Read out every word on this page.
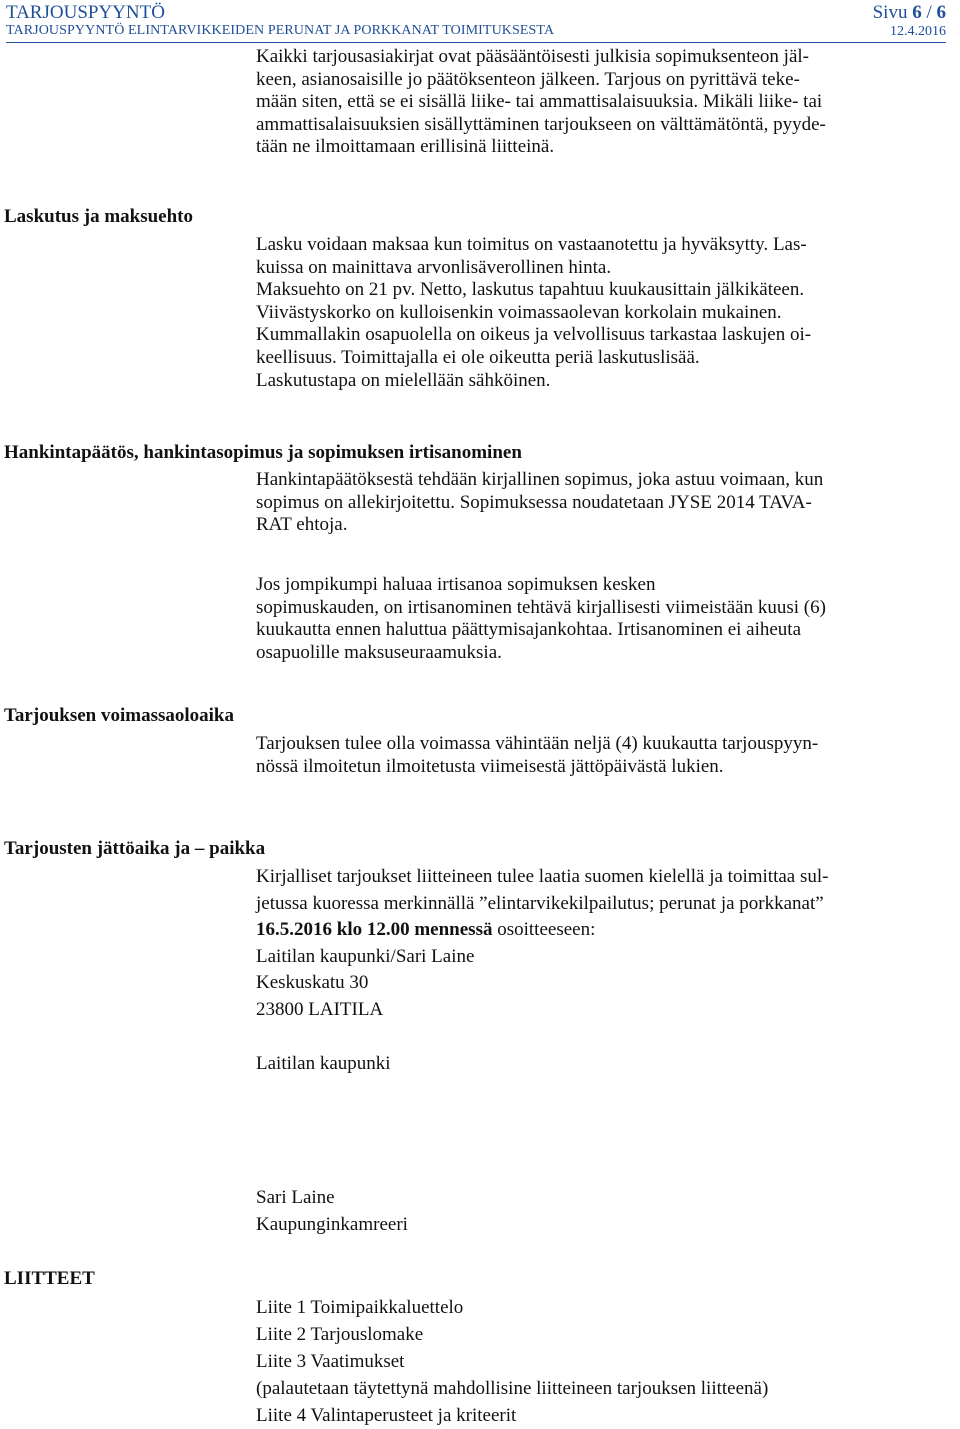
TARJOUSPYYNTÖ	Sivu 6 / 6
TARJOUSPYYNTÖ ELINTARVIKKEIDEN PERUNAT JA PORKKANAT TOIMITUKSESTA	12.4.2016
Kaikki tarjousasiakirjat ovat pääsääntöisesti julkisia sopimuksenteon jäl-
keen, asianosaisille jo päätöksenteon jälkeen. Tarjous on pyrittävä teke-
mään siten, että se ei sisällä liike- tai ammattisalaisuuksia. Mikäli liike- tai
ammattisalaisuuksien sisällyttäminen tarjoukseen on välttämätöntä, pyyde-
tään ne ilmoittamaan erillisinä liitteinä.
Laskutus ja maksuehto
Lasku voidaan maksaa kun toimitus on vastaanotettu ja hyväksytty. Las-
kuissa on mainittava arvonlisäverollinen hinta.
Maksuehto on 21 pv. Netto, laskutus tapahtuu kuukausittain jälkikäteen.
Viivästyskorko on kulloisenkin voimassaolevan korkolain mukainen.
Kummallakin osapuolella on oikeus ja velvollisuus tarkastaa laskujen oi-
keellisuus. Toimittajalla ei ole oikeutta periä laskutuslisää.
Laskutustapa on mielellään sähköinen.
Hankintapäätös, hankintasopimus ja sopimuksen irtisanominen
Hankintapäätöksestä tehdään kirjallinen sopimus, joka astuu voimaan, kun
sopimus on allekirjoitettu. Sopimuksessa noudatetaan JYSE 2014 TAVA-
RAT ehtoja.
Jos jompikumpi haluaa irtisanoa sopimuksen kesken
sopimuskauden, on irtisanominen tehtävä kirjallisesti viimeistään kuusi (6)
kuukautta ennen haluttua päättymisajankohtaa. Irtisanominen ei aiheuta
osapuolille maksuseuraamuksia.
Tarjouksen voimassaoloaika
Tarjouksen tulee olla voimassa vähintään neljä (4) kuukautta tarjouspyyn-
nössä ilmoitetun ilmoitetusta viimeisestä jättöpäivästä lukien.
Tarjousten jättöaika ja – paikka
Kirjalliset tarjoukset liitteineen tulee laatia suomen kielellä ja toimittaa sul-
jetussa kuoressa merkinnällä ”elintarvikekilpailutus; perunat ja porkkanat”
16.5.2016 klo 12.00 mennessä osoitteeseen:
Laitilan kaupunki/Sari Laine
Keskuskatu 30
23800 LAITILA
Laitilan kaupunki
Sari Laine
Kaupunginkamreeri
LIITTEET
Liite 1 Toimipaikkaluettelo
Liite 2 Tarjouslomake
Liite 3 Vaatimukset
(palautetaan täytettynä mahdollisine liitteineen tarjouksen liitteenä)
Liite 4 Valintaperusteet ja kriteerit
